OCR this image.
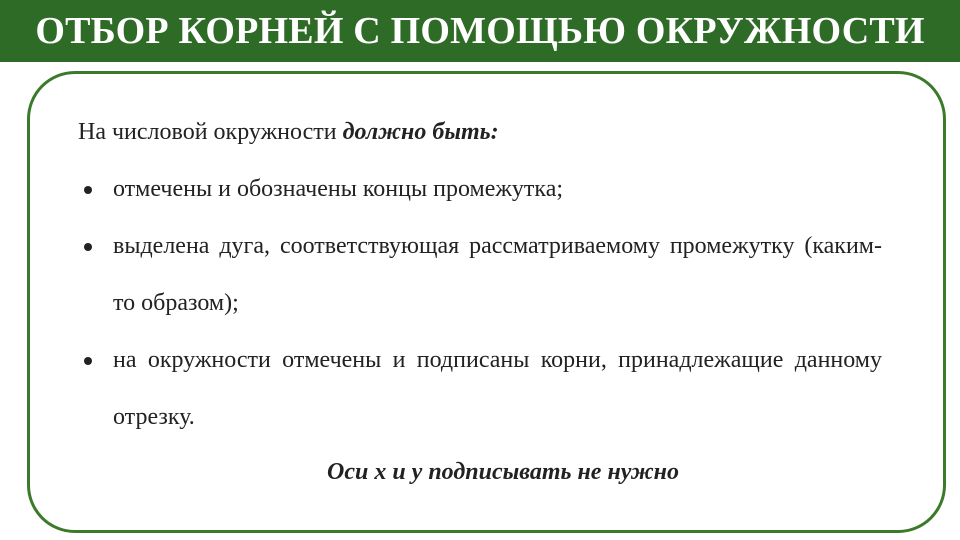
ОТБОР КОРНЕЙ С ПОМОЩЬЮ ОКРУЖНОСТИ

На числовой окружности должно быть:

отмечены и обозначены концы промежутка;
выделена дуга, соответствующая рассматриваемому промежутку (каким-то образом);
на окружности отмечены и подписаны корни, принадлежащие данному отрезку.
Оси х и у подписывать не нужно
